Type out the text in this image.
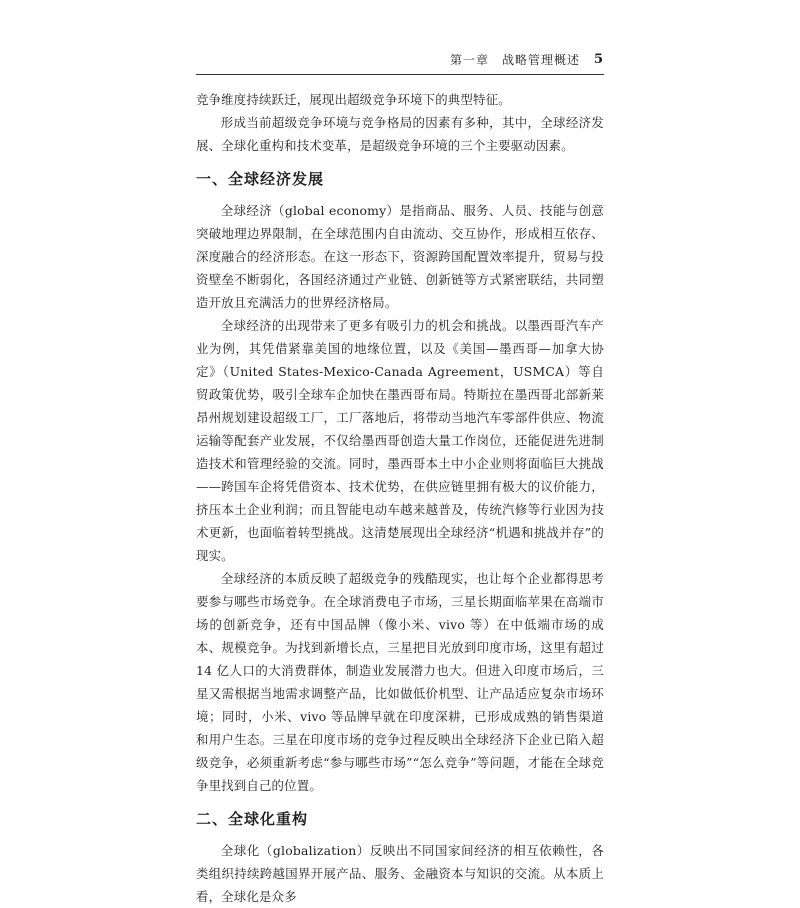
第一章　战略管理概述 5

竞争维度持续跃迁，展现出超级竞争环境下的典型特征。

形成当前超级竞争环境与竞争格局的因素有多种，其中，全球经济发展、全球化重构和技术变革，是超级竞争环境的三个主要驱动因素。

一、全球经济发展

全球经济（global economy）是指商品、服务、人员、技能与创意突破地理边界限制，在全球范围内自由流动、交互协作，形成相互依存、深度融合的经济形态。在这一形态下，资源跨国配置效率提升，贸易与投资壁垒不断弱化，各国经济通过产业链、创新链等方式紧密联结，共同塑造开放且充满活力的世界经济格局。

全球经济的出现带来了更多有吸引力的机会和挑战。以墨西哥汽车产业为例，其凭借紧靠美国的地缘位置，以及《美国—墨西哥—加拿大协定》（United States-Mexico-Canada Agreement，USMCA）等自贸政策优势，吸引全球车企加快在墨西哥布局。特斯拉在墨西哥北部新莱昂州规划建设超级工厂，工厂落地后，将带动当地汽车零部件供应、物流运输等配套产业发展，不仅给墨西哥创造大量工作岗位，还能促进先进制造技术和管理经验的交流。同时，墨西哥本土中小企业则将面临巨大挑战——跨国车企将凭借资本、技术优势，在供应链里拥有极大的议价能力，挤压本土企业利润；而且智能电动车越来越普及，传统汽修等行业因为技术更新，也面临着转型挑战。这清楚展现出全球经济“机遇和挑战并存”的现实。

全球经济的本质反映了超级竞争的残酷现实，也让每个企业都得思考要参与哪些市场竞争。在全球消费电子市场，三星长期面临苹果在高端市场的创新竞争，还有中国品牌（像小米、vivo 等）在中低端市场的成本、规模竞争。为找到新增长点，三星把目光放到印度市场，这里有超过 14 亿人口的大消费群体，制造业发展潜力也大。但进入印度市场后，三星又需根据当地需求调整产品，比如做低价机型、让产品适应复杂市场环境；同时，小米、vivo 等品牌早就在印度深耕，已形成成熟的销售渠道和用户生态。三星在印度市场的竞争过程反映出全球经济下企业已陷入超级竞争，必须重新考虑“参与哪些市场”“怎么竞争”等问题，才能在全球竞争里找到自己的位置。

二、全球化重构

全球化（globalization）反映出不同国家间经济的相互依赖性，各类组织持续跨越国界开展产品、服务、金融资本与知识的交流。从本质上看，全球化是众多
